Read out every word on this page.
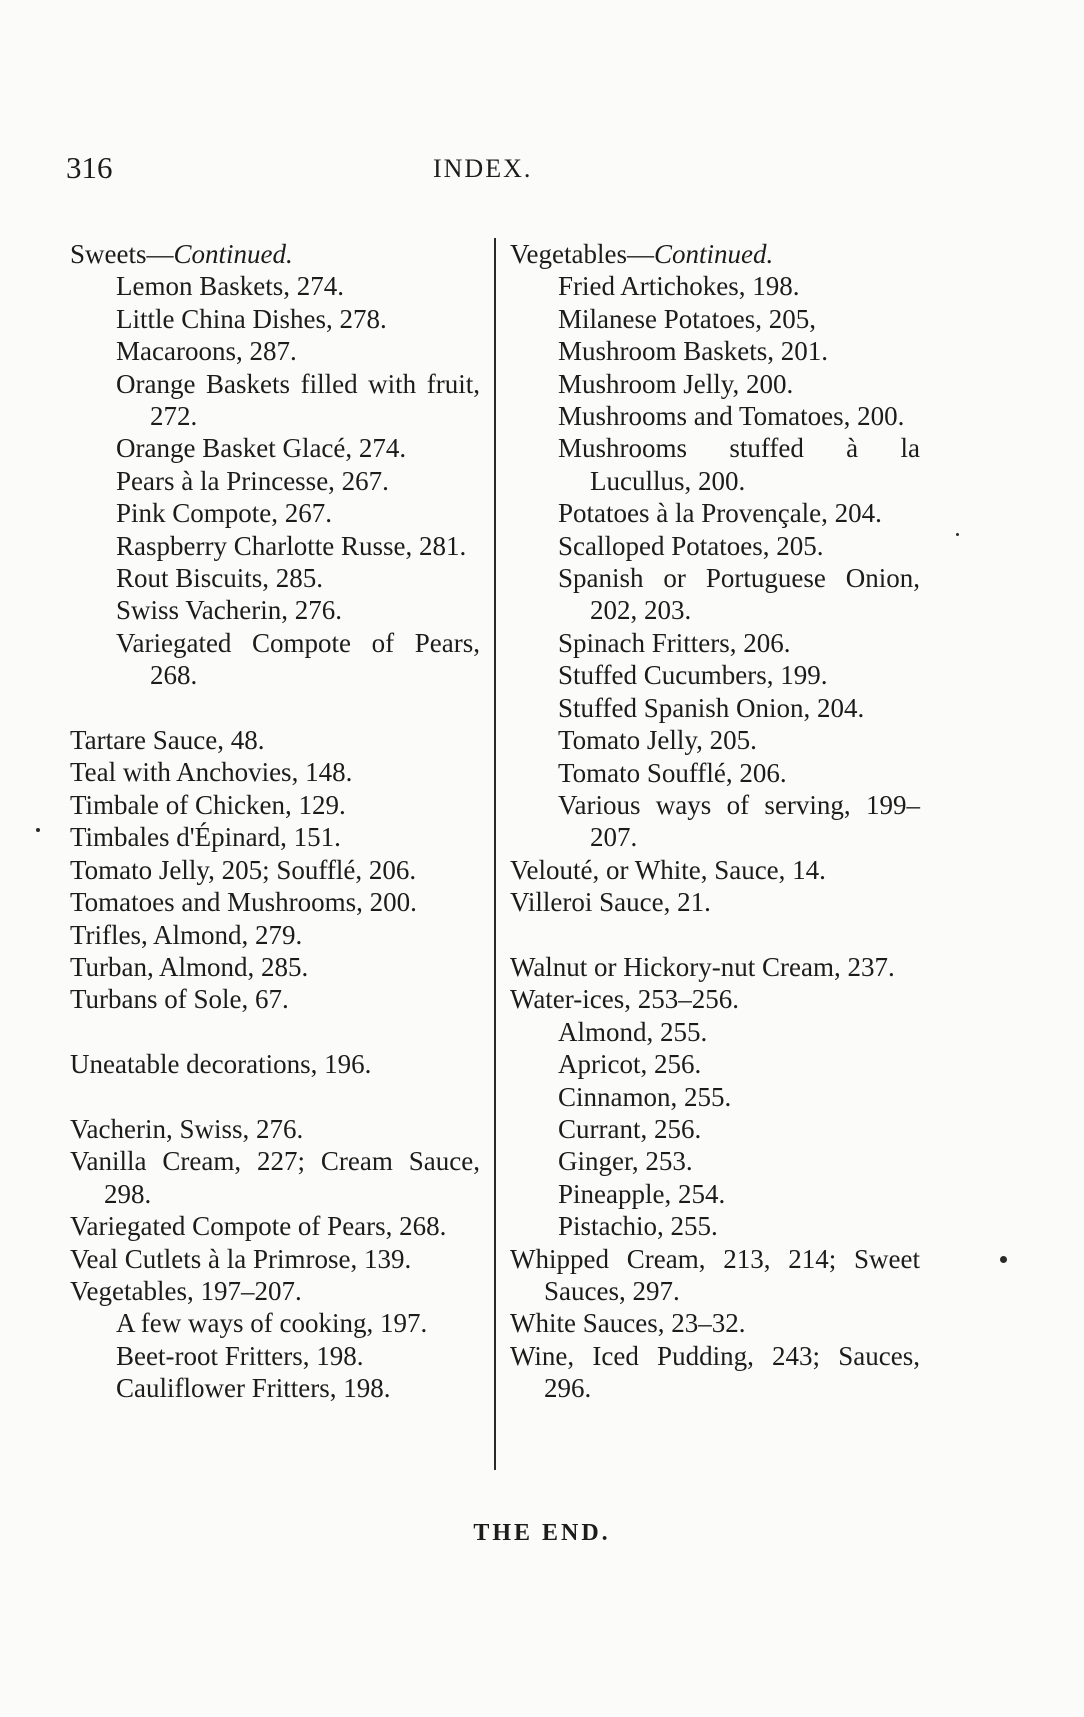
316	INDEX.
Sweets—Continued.
Lemon Baskets, 274.
Little China Dishes, 278.
Macaroons, 287.
Orange Baskets filled with fruit, 272.
Orange Basket Glacé, 274.
Pears à la Princesse, 267.
Pink Compote, 267.
Raspberry Charlotte Russe, 281.
Rout Biscuits, 285.
Swiss Vacherin, 276.
Variegated Compote of Pears, 268.
Tartare Sauce, 48.
Teal with Anchovies, 148.
Timbale of Chicken, 129.
Timbales d'Épinard, 151.
Tomato Jelly, 205; Soufflé, 206.
Tomatoes and Mushrooms, 200.
Trifles, Almond, 279.
Turban, Almond, 285.
Turbans of Sole, 67.
Uneatable decorations, 196.
Vacherin, Swiss, 276.
Vanilla Cream, 227; Cream Sauce, 298.
Variegated Compote of Pears, 268.
Veal Cutlets à la Primrose, 139.
Vegetables, 197–207.
A few ways of cooking, 197.
Beet-root Fritters, 198.
Cauliflower Fritters, 198.
Vegetables—Continued.
Fried Artichokes, 198.
Milanese Potatoes, 205,
Mushroom Baskets, 201.
Mushroom Jelly, 200.
Mushrooms and Tomatoes, 200.
Mushrooms stuffed à la Lucullus, 200.
Potatoes à la Provençale, 204.
Scalloped Potatoes, 205.
Spanish or Portuguese Onion, 202, 203.
Spinach Fritters, 206.
Stuffed Cucumbers, 199.
Stuffed Spanish Onion, 204.
Tomato Jelly, 205.
Tomato Soufflé, 206.
Various ways of serving, 199–207.
Velouté, or White, Sauce, 14.
Villeroi Sauce, 21.
Walnut or Hickory-nut Cream, 237.
Water-ices, 253–256.
Almond, 255.
Apricot, 256.
Cinnamon, 255.
Currant, 256.
Ginger, 253.
Pineapple, 254.
Pistachio, 255.
Whipped Cream, 213, 214; Sweet Sauces, 297.
White Sauces, 23–32.
Wine, Iced Pudding, 243; Sauces, 296.
THE END.
